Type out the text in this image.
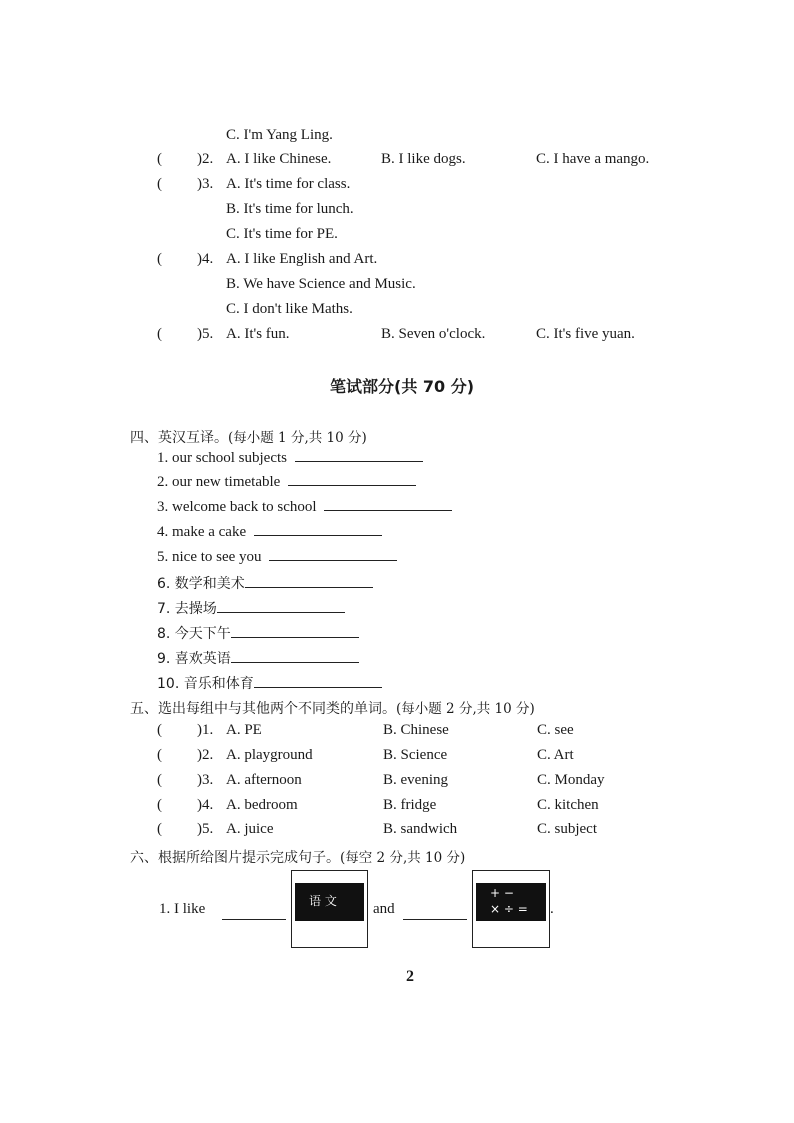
C. I'm Yang Ling.
( )2. A. I like Chinese.	B. I like dogs.	C. I have a mango.
( )3. A. It's time for class.
B. It's time for lunch.
C. It's time for PE.
( )4. A. I like English and Art.
B. We have Science and Music.
C. I don't like Maths.
( )5. A. It's fun.	B. Seven o'clock.	C. It's five yuan.
笔试部分(共 70 分)
四、英汉互译。(每小题 1 分,共 10 分)
1. our school subjects
2. our new timetable
3. welcome back to school
4. make a cake
5. nice to see you
6. 数学和美术
7. 去操场
8. 今天下午
9. 喜欢英语
10. 音乐和体育
五、选出每组中与其他两个不同类的单词。(每小题 2 分,共 10 分)
( )1. A. PE	B. Chinese	C. see
( )2. A. playground	B. Science	C. Art
( )3. A. afternoon	B. evening	C. Monday
( )4. A. bedroom	B. fridge	C. kitchen
( )5. A. juice	B. sandwich	C. subject
六、根据所给图片提示完成句子。(每空 2 分,共 10 分)
1. I like	语 文 and
+ −
× ÷ = .
2
